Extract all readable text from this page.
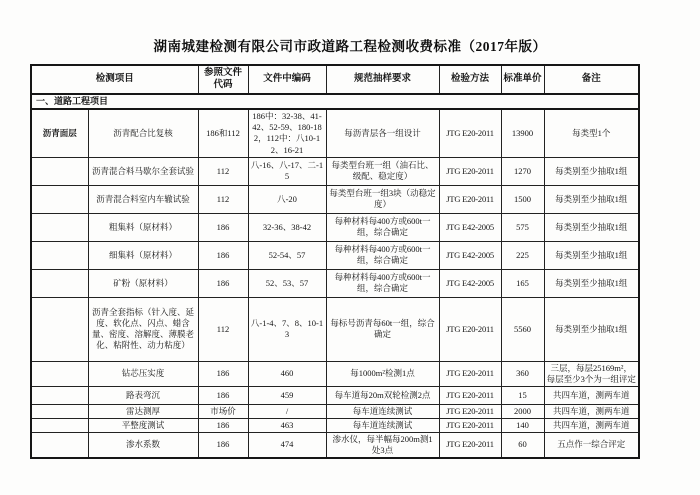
湖南城建检测有限公司市政道路工程检测收费标准（2017年版）
检测项目		参照文件代码	文件中编码	规范抽样要求	检验方法	标准单价	备注
一、道路工程项目							
沥青面层	沥青配合比复核	186和112	186中：32-38、41-42、52-59、180-182，112中：八10-12、16-21	每沥青层各一组设计	JTG E20-2011	13900	每类型1个
	沥青混合料马歇尔全套试验	112	八-16、八-17、二-15	每类型台班一组（油石比、级配、稳定度）	JTG E20-2011	1270	每类别至少抽取1组
	沥青混合料室内车辙试验	112	八-20	每类型台班一组3块（动稳定度）	JTG E20-2011	1500	每类别至少抽取1组
	粗集料（原材料）	186	32-36、38-42	每种材料每400方或600t一组，综合确定	JTG E42-2005	575	每类别至少抽取1组
	细集料（原材料）	186	52-54、57	每种材料每400方或600t一组，综合确定	JTG E42-2005	225	每类别至少抽取1组
	矿粉（原材料）	186	52、53、57	每种材料每400方或600t一组，综合确定	JTG E42-2005	165	每类别至少抽取1组
	沥青全套指标（针入度、延度、软化点、闪点、蜡含量、密度、溶解度、薄膜老化、粘附性、动力粘度）	112	八-1-4、7、8、10-13	每标号沥青每60t一组，综合确定	JTG E20-2011	5560	每类别至少抽取1组
	钻芯压实度	186	460	每1000m²检测1点	JTG E20-2011	360	三层，每层25169m²，每层至少3个为一组评定
	路表弯沉	186	459	每车道每20m双轮检测2点	JTG E20-2011	15	共四车道，测两车道
	雷达测厚	市场价	/	每车道连续测试	JTG E20-2011	2000	共四车道，测两车道
	平整度测试	186	463	每车道连续测试	JTG E20-2011	140	共四车道，测两车道
	渗水系数	186	474	渗水仪，每半幅每200m测1处3点	JTG E20-2011	60	五点作一综合评定
